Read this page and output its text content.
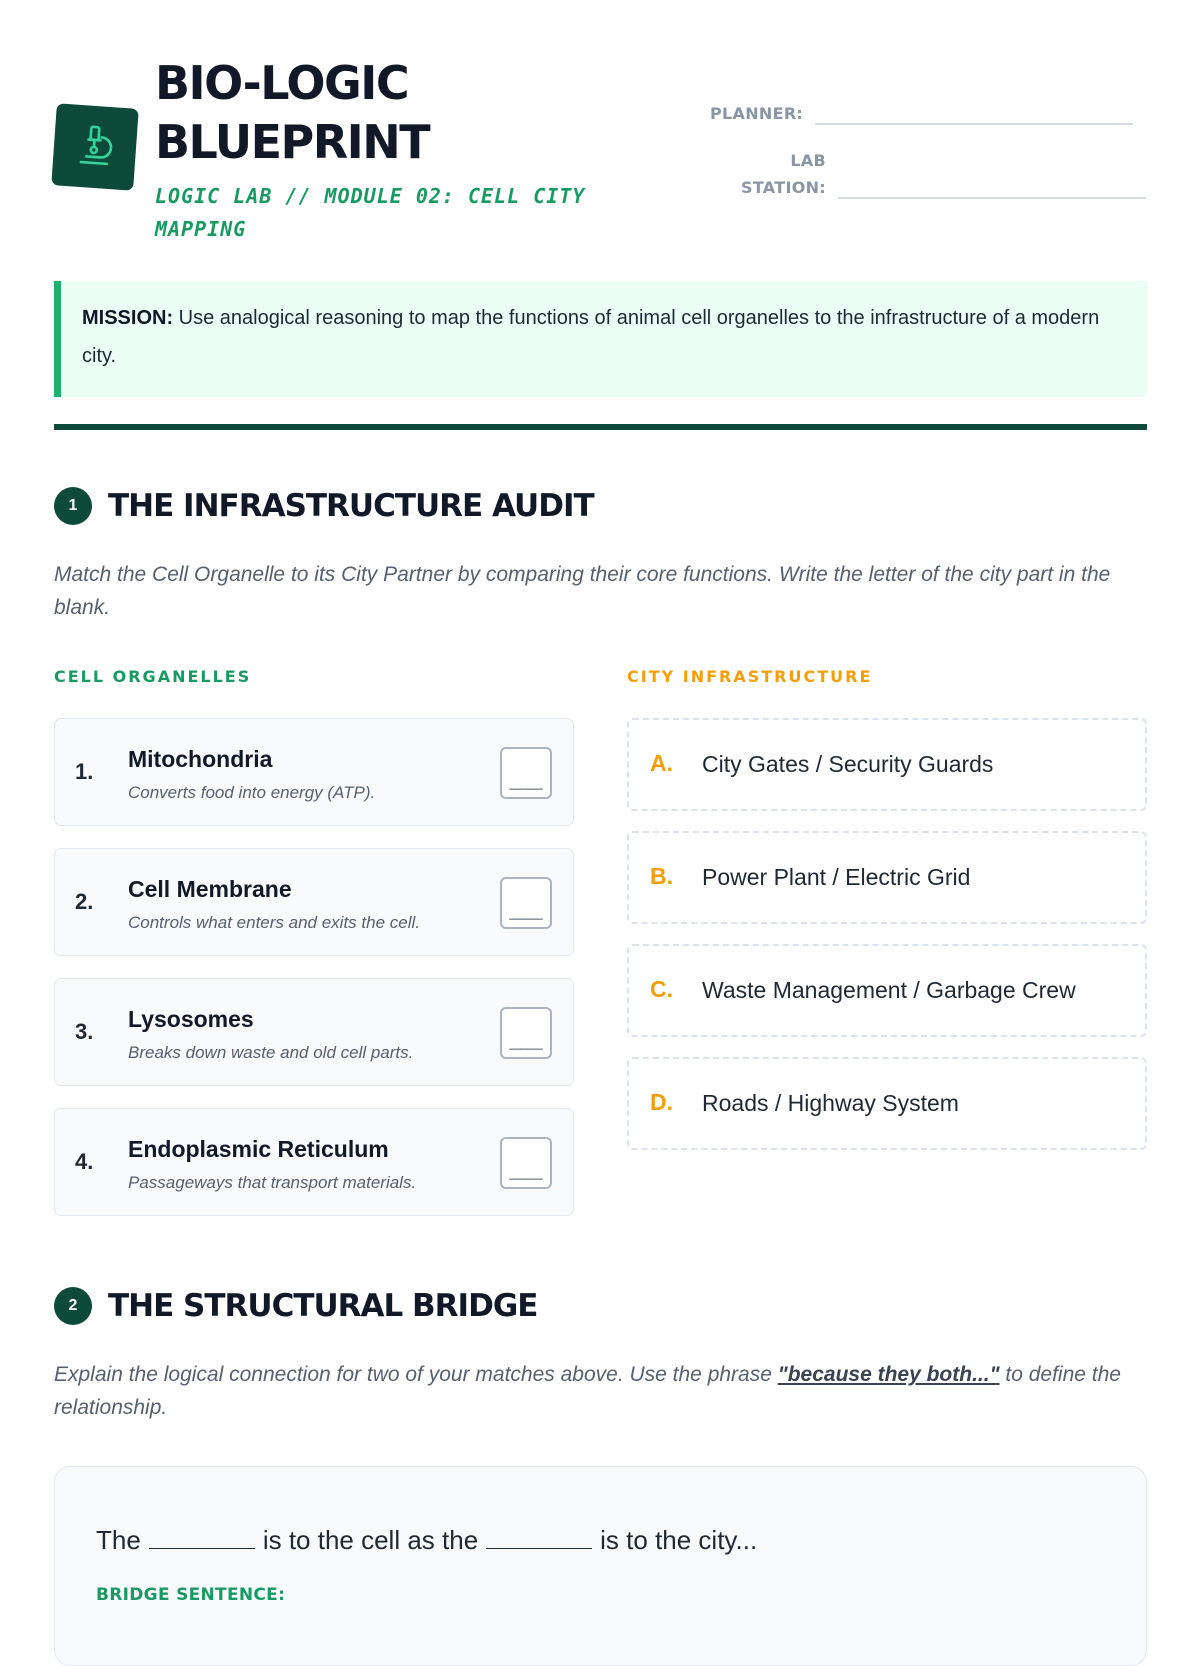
BIO-LOGIC
BLUEPRINT
LOGIC LAB // MODULE 02: CELL CITY MAPPING
PLANNER:
LAB STATION:
MISSION: Use analogical reasoning to map the functions of animal cell organelles to the infrastructure of a modern city.
1 THE INFRASTRUCTURE AUDIT
Match the Cell Organelle to its City Partner by comparing their core functions. Write the letter of the city part in the blank.
CELL ORGANELLES	CITY INFRASTRUCTURE
1. Mitochondria
Converts food into energy (ATP).
___
2. Cell Membrane
Controls what enters and exits the cell.
___
3. Lysosomes
Breaks down waste and old cell parts.
___
4. Endoplasmic Reticulum
Passageways that transport materials.
___
A. City Gates / Security Guards
B. Power Plant / Electric Grid
C. Waste Management / Garbage Crew
D. Roads / Highway System
2 THE STRUCTURAL BRIDGE
Explain the logical connection for two of your matches above. Use the phrase "because they both..." to define the relationship.
The	is to the cell as the	is to the city...
BRIDGE SENTENCE:
